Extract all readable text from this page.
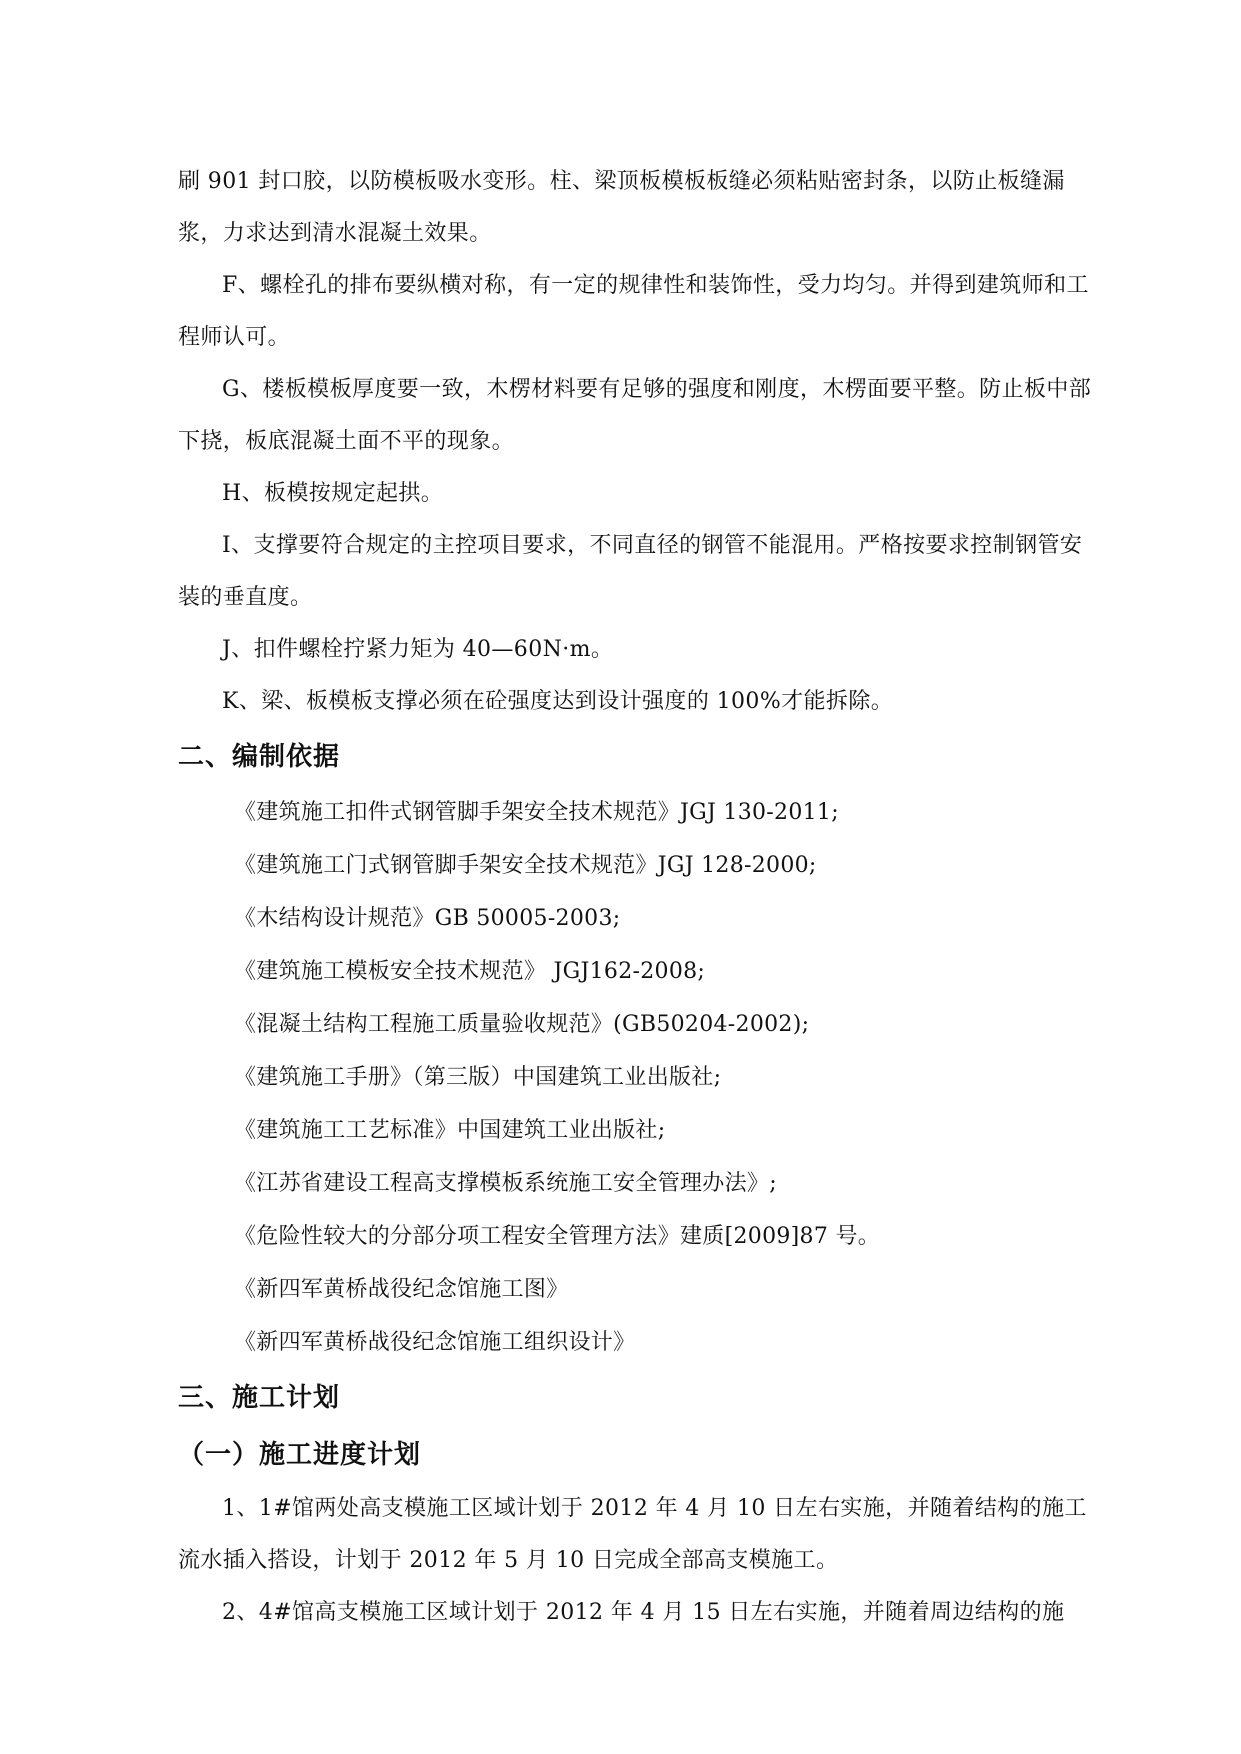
刷 901 封口胶，以防模板吸水变形。柱、梁顶板模板板缝必须粘贴密封条，以防止板缝漏浆，力求达到清水混凝土效果。

F、螺栓孔的排布要纵横对称，有一定的规律性和装饰性，受力均匀。并得到建筑师和工程师认可。

G、楼板模板厚度要一致，木楞材料要有足够的强度和刚度，木楞面要平整。防止板中部下挠，板底混凝土面不平的现象。

H、板模按规定起拱。

I、支撑要符合规定的主控项目要求，不同直径的钢管不能混用。严格按要求控制钢管安装的垂直度。

J、扣件螺栓拧紧力矩为 40—60N·m。

K、梁、板模板支撑必须在砼强度达到设计强度的 100%才能拆除。

二、编制依据

《建筑施工扣件式钢管脚手架安全技术规范》JGJ 130-2011;

《建筑施工门式钢管脚手架安全技术规范》JGJ 128-2000;

《木结构设计规范》GB 50005-2003;

《建筑施工模板安全技术规范》 JGJ162-2008;

《混凝土结构工程施工质量验收规范》(GB50204-2002);

《建筑施工手册》（第三版）中国建筑工业出版社;

《建筑施工工艺标准》中国建筑工业出版社;

《江苏省建设工程高支撑模板系统施工安全管理办法》;

《危险性较大的分部分项工程安全管理方法》建质[2009]87 号。

《新四军黄桥战役纪念馆施工图》

《新四军黄桥战役纪念馆施工组织设计》

三、施工计划
（一）施工进度计划

1、1#馆两处高支模施工区域计划于 2012 年 4 月 10 日左右实施，并随着结构的施工流水插入搭设，计划于 2012 年 5 月 10 日完成全部高支模施工。

2、4#馆高支模施工区域计划于 2012 年 4 月 15 日左右实施，并随着周边结构的施
